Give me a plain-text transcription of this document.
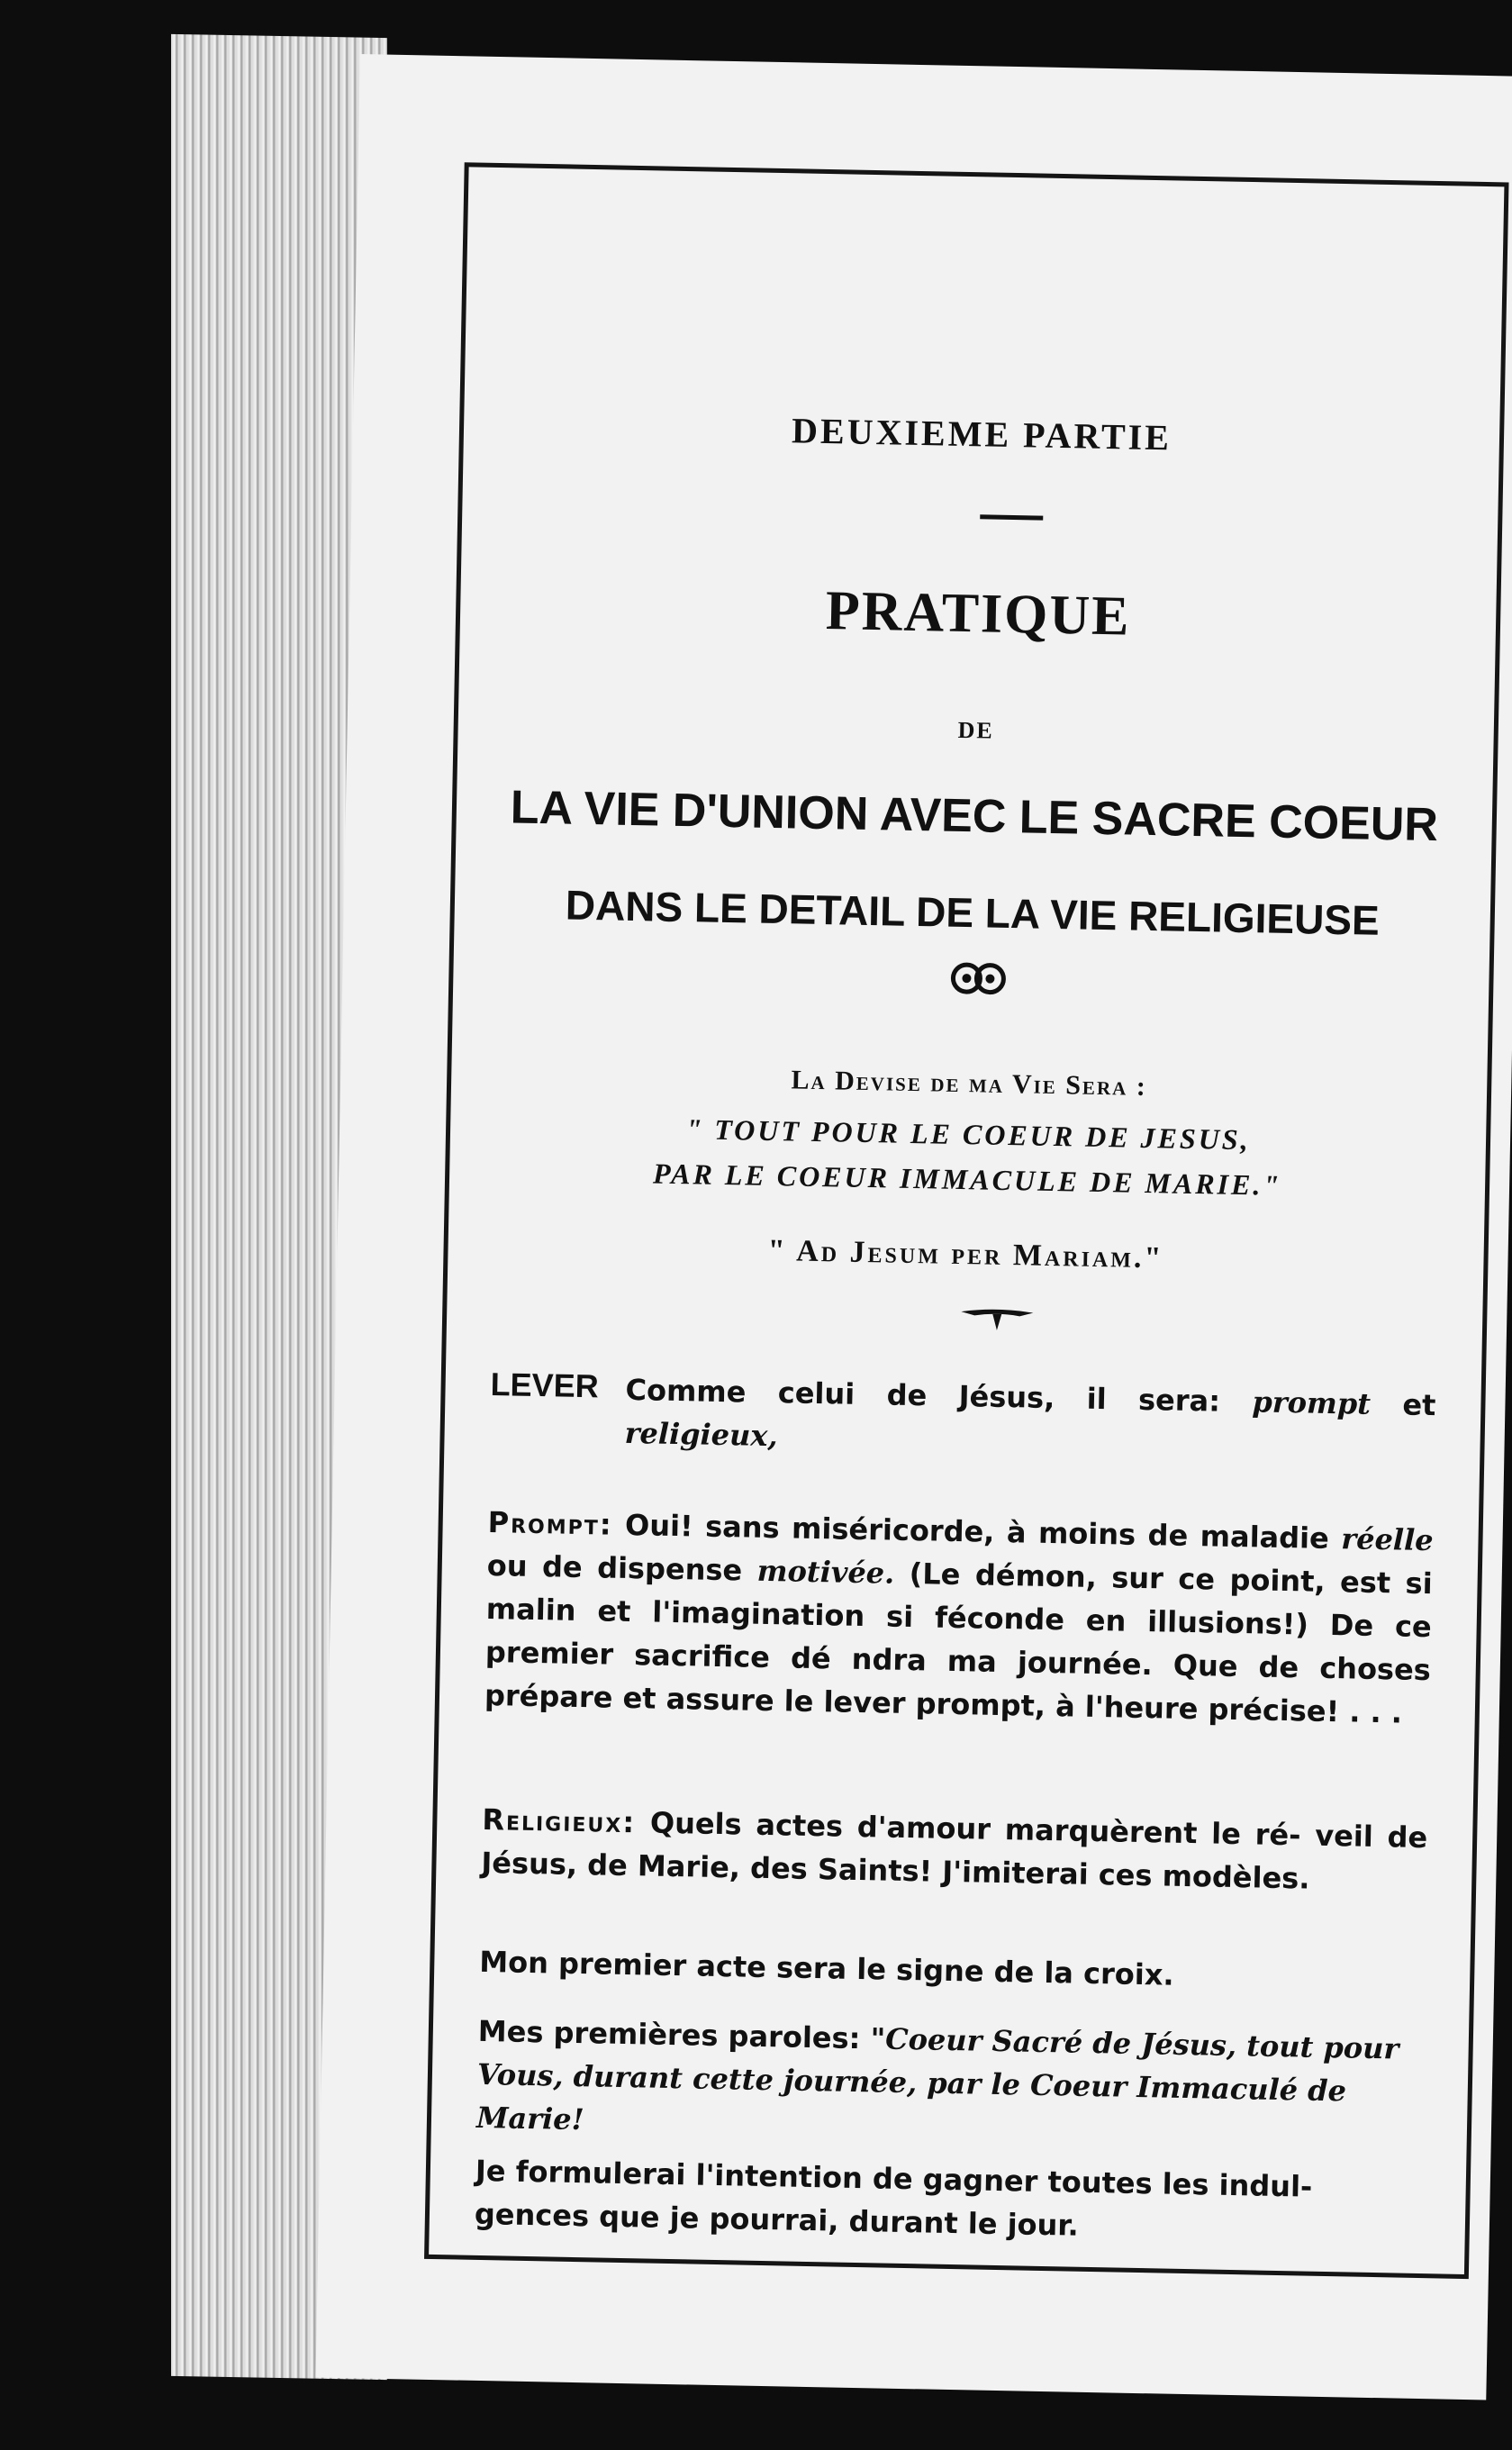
DEUXIEME PARTIE
PRATIQUE
DE
LA VIE D'UNION AVEC LE SACRE COEUR
DANS LE DETAIL DE LA VIE RELIGIEUSE
La Devise de ma Vie Sera :
" TOUT POUR LE COEUR DE JESUS,
PAR LE COEUR IMMACULE DE MARIE."
" Ad Jesum per Mariam."
LEVER Comme celui de Jésus, il sera: prompt et religieux,
Prompt: Oui! sans miséricorde, à moins de maladie réelle ou de dispense motivée. (Le démon, sur ce point, est si malin et l'imagination si féconde en illusions!) De ce premier sacrifice dé ndra ma journée. Que de choses prépare et assure le lever prompt, à l'heure précise! . . .
Religieux: Quels actes d'amour marquèrent le ré- veil de Jésus, de Marie, des Saints! J'imiterai ces modèles.
Mon premier acte sera le signe de la croix.
Mes premières paroles: "Coeur Sacré de Jésus, tout pour Vous, durant cette journée, par le Coeur Immaculé de Marie!
Je formulerai l'intention de gagner toutes les indul- gences que je pourrai, durant le jour.
